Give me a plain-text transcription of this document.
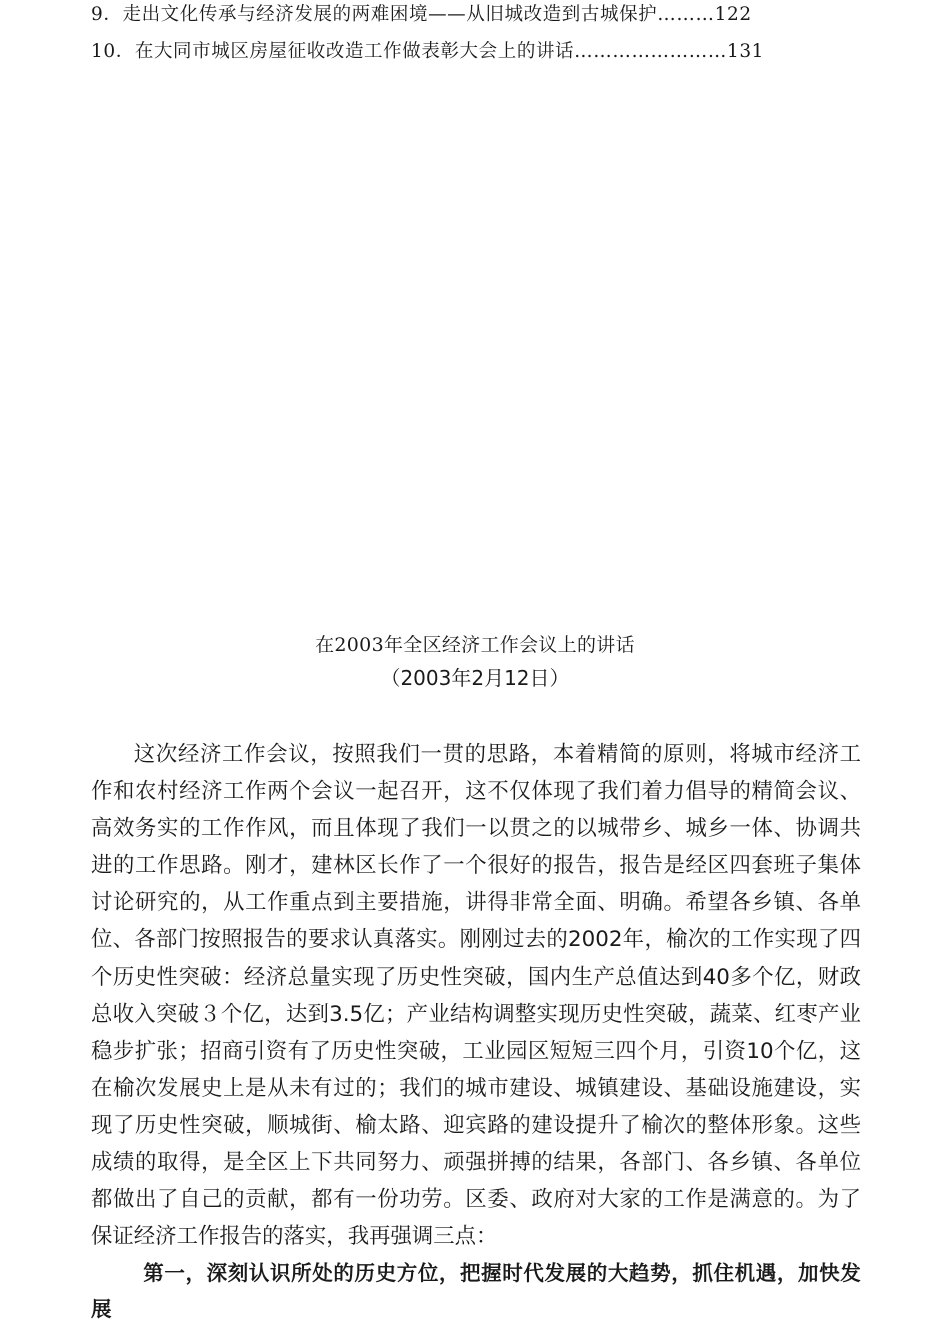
9．走出文化传承与经济发展的两难困境——从旧城改造到古城保护………122
10．在大同市城区房屋征收改造工作做表彰大会上的讲话……………………131
在2003年全区经济工作会议上的讲话
（2003年2月12日）

这次经济工作会议，按照我们一贯的思路，本着精简的原则，将城市经济工作和农村经济工作两个会议一起召开，这不仅体现了我们着力倡导的精简会议、高效务实的工作作风，而且体现了我们一以贯之的以城带乡、城乡一体、协调共进的工作思路。刚才，建林区长作了一个很好的报告，报告是经区四套班子集体讨论研究的，从工作重点到主要措施，讲得非常全面、明确。希望各乡镇、各单位、各部门按照报告的要求认真落实。刚刚过去的2002年，榆次的工作实现了四个历史性突破：经济总量实现了历史性突破，国内生产总值达到40多个亿，财政总收入突破３个亿，达到3.5亿；产业结构调整实现历史性突破，蔬菜、红枣产业稳步扩张；招商引资有了历史性突破，工业园区短短三四个月，引资10个亿，这在榆次发展史上是从未有过的；我们的城市建设、城镇建设、基础设施建设，实现了历史性突破，顺城街、榆太路、迎宾路的建设提升了榆次的整体形象。这些成绩的取得，是全区上下共同努力、顽强拼搏的结果，各部门、各乡镇、各单位都做出了自己的贡献，都有一份功劳。区委、政府对大家的工作是满意的。为了保证经济工作报告的落实，我再强调三点：

第一，深刻认识所处的历史方位，把握时代发展的大趋势，抓住机遇，加快发展
